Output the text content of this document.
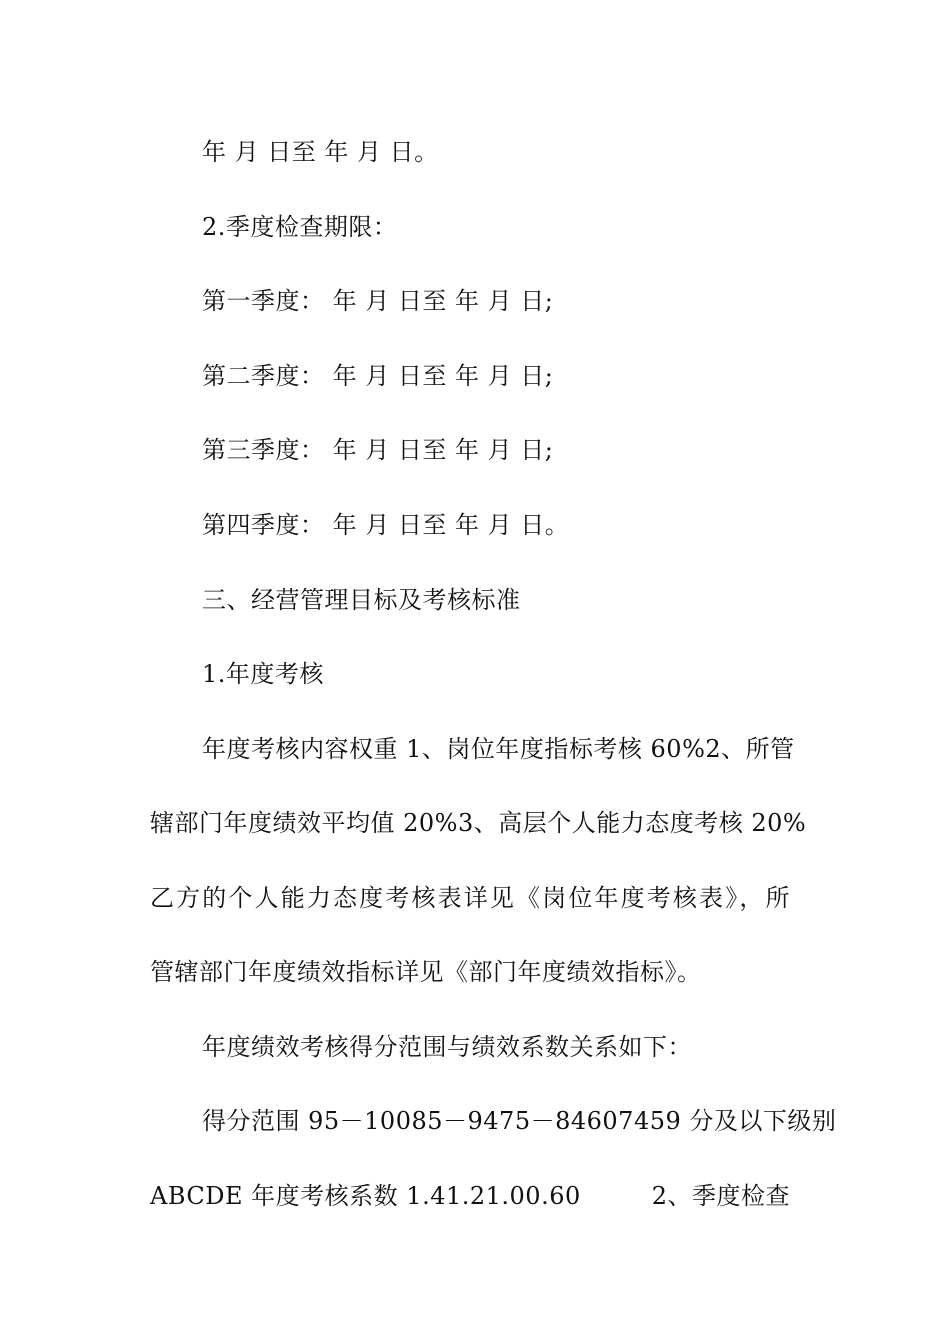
年 月 日至 年 月 日。
2.季度检查期限：
第一季度： 年 月 日至 年 月 日;
第二季度： 年 月 日至 年 月 日;
第三季度： 年 月 日至 年 月 日;
第四季度： 年 月 日至 年 月 日。
三、经营管理目标及考核标准
1.年度考核
年度考核内容权重 1、岗位年度指标考核 60%2、所管
辖部门年度绩效平均值 20%3、高层个人能力态度考核 20%
乙方的个人能力态度考核表详见《岗位年度考核表》，所
管辖部门年度绩效指标详见《部门年度绩效指标》。
年度绩效考核得分范围与绩效系数关系如下：
得分范围 95－10085－9475－84607459 分及以下级别
ABCDE 年度考核系数 1.41.21.00.60	2、季度检查
